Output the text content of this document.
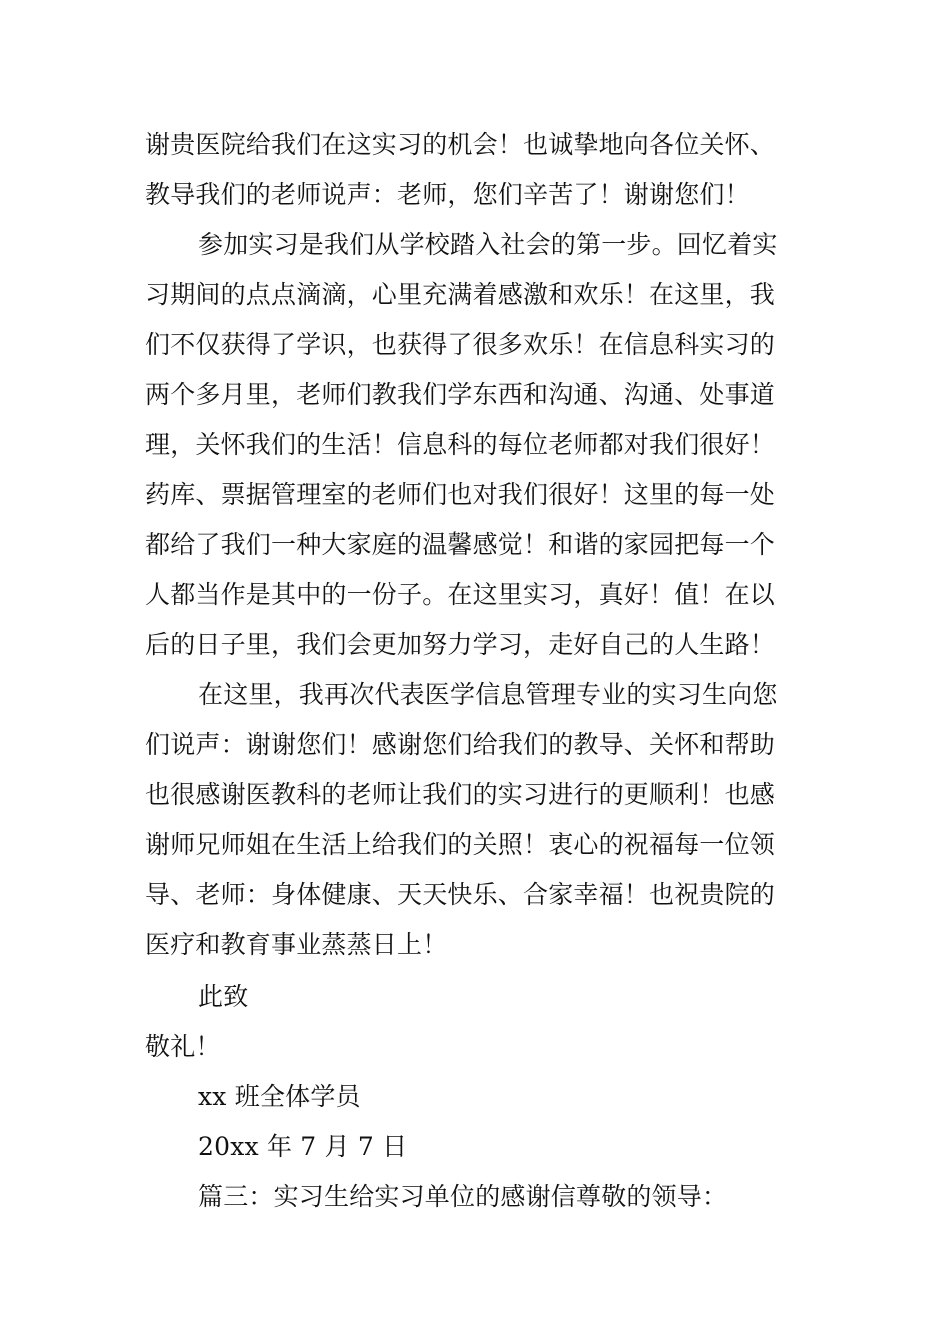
谢贵医院给我们在这实习的机会！也诚挚地向各位关怀、
教导我们的老师说声：老师，您们辛苦了！谢谢您们！
参加实习是我们从学校踏入社会的第一步。回忆着实
习期间的点点滴滴，心里充满着感激和欢乐！在这里，我
们不仅获得了学识，也获得了很多欢乐！在信息科实习的
两个多月里，老师们教我们学东西和沟通、沟通、处事道
理，关怀我们的生活！信息科的每位老师都对我们很好！
药库、票据管理室的老师们也对我们很好！这里的每一处
都给了我们一种大家庭的温馨感觉！和谐的家园把每一个
人都当作是其中的一份子。在这里实习，真好！值！在以
后的日子里，我们会更加努力学习，走好自己的人生路！
在这里，我再次代表医学信息管理专业的实习生向您
们说声：谢谢您们！感谢您们给我们的教导、关怀和帮助
也很感谢医教科的老师让我们的实习进行的更顺利！也感
谢师兄师姐在生活上给我们的关照！衷心的祝福每一位领
导、老师：身体健康、天天快乐、合家幸福！也祝贵院的
医疗和教育事业蒸蒸日上！
此致
敬礼！
xx 班全体学员
20xx 年 7 月 7 日
篇三：实习生给实习单位的感谢信尊敬的领导：
